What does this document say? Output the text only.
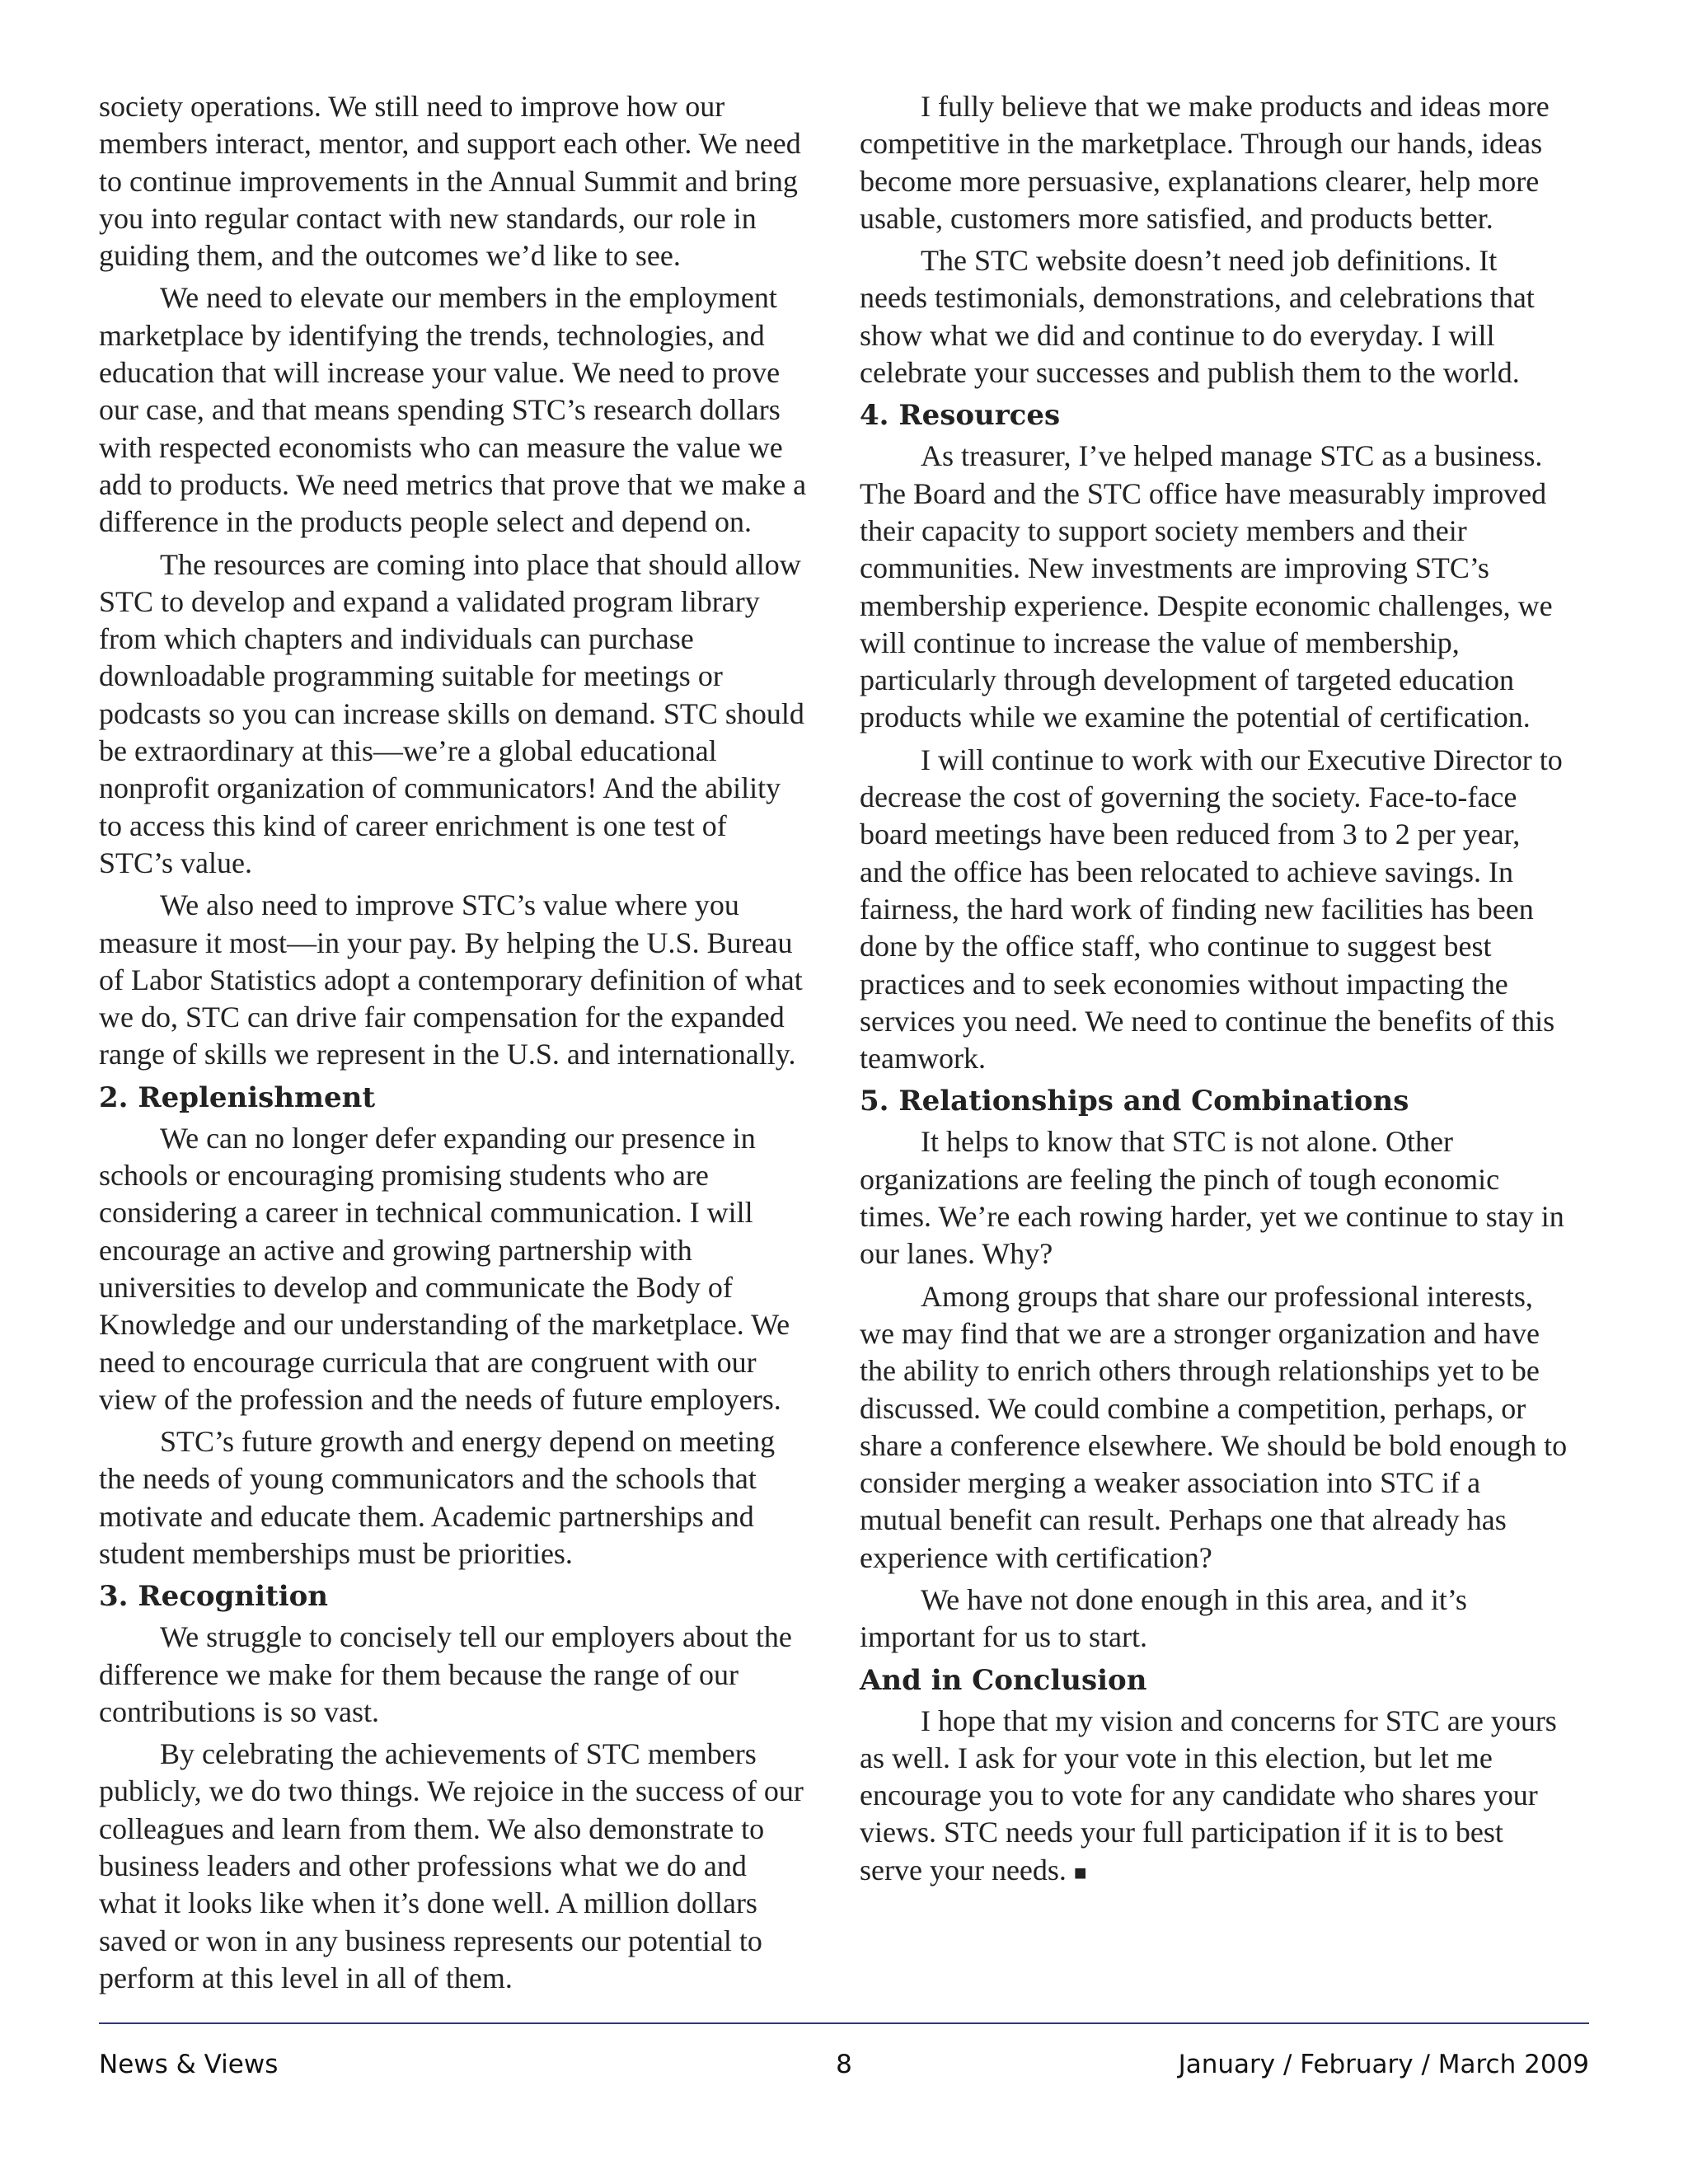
society operations. We still need to improve how our members interact, mentor, and support each other. We need to continue improvements in the Annual Summit and bring you into regular contact with new standards, our role in guiding them, and the outcomes we’d like to see.

We need to elevate our members in the employment marketplace by identifying the trends, technologies, and education that will increase your value. We need to prove our case, and that means spending STC’s research dollars with respected economists who can measure the value we add to products. We need metrics that prove that we make a difference in the products people select and depend on.

The resources are coming into place that should allow STC to develop and expand a validated program library from which chapters and individuals can purchase downloadable programming suitable for meetings or podcasts so you can increase skills on demand. STC should be extraordinary at this—we’re a global educational nonprofit organization of communicators! And the ability to access this kind of career enrichment is one test of STC’s value.

We also need to improve STC’s value where you measure it most—in your pay. By helping the U.S. Bureau of Labor Statistics adopt a contemporary definition of what we do, STC can drive fair compensation for the expanded range of skills we represent in the U.S. and internationally.

2. Replenishment

We can no longer defer expanding our presence in schools or encouraging promising students who are considering a career in technical communication. I will encourage an active and growing partnership with universities to develop and communicate the Body of Knowledge and our understanding of the marketplace. We need to encourage curricula that are congruent with our view of the profession and the needs of future employers.

STC’s future growth and energy depend on meeting the needs of young communicators and the schools that motivate and educate them. Academic partnerships and student memberships must be priorities.

3. Recognition

We struggle to concisely tell our employers about the difference we make for them because the range of our contributions is so vast.

By celebrating the achievements of STC members publicly, we do two things. We rejoice in the success of our colleagues and learn from them. We also demonstrate to business leaders and other professions what we do and what it looks like when it’s done well. A million dollars saved or won in any business represents our potential to perform at this level in all of them.

I fully believe that we make products and ideas more competitive in the marketplace. Through our hands, ideas become more persuasive, explanations clearer, help more usable, customers more satisfied, and products better.

The STC website doesn’t need job definitions. It needs testimonials, demonstrations, and celebrations that show what we did and continue to do everyday. I will celebrate your successes and publish them to the world.

4. Resources

As treasurer, I’ve helped manage STC as a business. The Board and the STC office have measurably improved their capacity to support society members and their communities. New investments are improving STC’s membership experience. Despite economic challenges, we will continue to increase the value of membership, particularly through development of targeted education products while we examine the potential of certification.

I will continue to work with our Executive Director to decrease the cost of governing the society. Face-to-face board meetings have been reduced from 3 to 2 per year, and the office has been relocated to achieve savings. In fairness, the hard work of finding new facilities has been done by the office staff, who continue to suggest best practices and to seek economies without impacting the services you need. We need to continue the benefits of this teamwork.

5. Relationships and Combinations

It helps to know that STC is not alone. Other organizations are feeling the pinch of tough economic times. We’re each rowing harder, yet we continue to stay in our lanes. Why?

Among groups that share our professional interests, we may find that we are a stronger organization and have the ability to enrich others through relationships yet to be discussed. We could combine a competition, perhaps, or share a conference elsewhere. We should be bold enough to consider merging a weaker association into STC if a mutual benefit can result. Perhaps one that already has experience with certification?

We have not done enough in this area, and it’s important for us to start.

And in Conclusion

I hope that my vision and concerns for STC are yours as well. I ask for your vote in this election, but let me encourage you to vote for any candidate who shares your views. STC needs your full participation if it is to best serve your needs. ■

News & Views	8	January / February / March 2009
